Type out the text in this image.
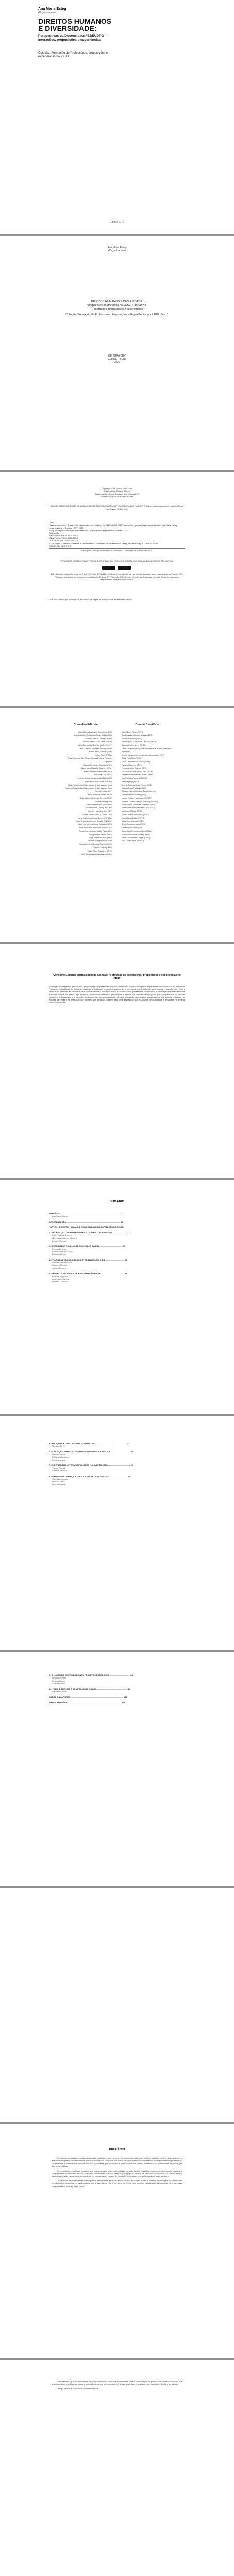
Ana Maria Esteg
(Organizadora)
DIREITOS HUMANOS
E DIVERSIDADE:
Perspectivas da Docência na FEBEUDPO — interações, proposições e experiências
Coleção: Formação de Professores: proposições e experiências no PIBID
Editora CRV
Ana Maria Esteg
(Organizadora)
DIREITOS HUMANOS E DIVERSIDADE:
perspectivas da docência na FEBEUDPO-PIBID
– interações, proposições e experiências
Coleção: Formação de Professores: Proposições e Experiências no PIBID - Vol. 1
EDITORA CRV
Curitiba – Brasil
2020
Copyright © da Editora CRV Ltda.
Editor-chefe: Railson Moura
Diagramação e Capa: Designers da Editora CRV
Revisão: Analista de Escrita e Artes
DADOS INTERNACIONAIS DE CATALOGAÇÃO NA PUBLICAÇÃO (CIP) CATALOGAÇÃO NA FONTE Bibliotecária responsável: Luzenira Alves dos Santos CRB9/1506
D598
Direitos humanos e diversidade: perspectivas da docência na FEBEUDPO-PIBID: interações, proposições e experiências / Ana Maria Esteg (organizadora) – Curitiba : CRV, 2020.
152 p. (Coleção: Formação de Professores: proposições e experiências no PIBID – v. 1)
Bibliografia
ISBN Digital 978-65-5578-000-0
ISBN Físico 978-65-5578-000-0
DOI 10.24824/978655578000.0
1. Educação 2. Direitos humanos 3. Diversidade 4. Formação de professores I. Esteg, Ana Maria org. II. Título III. Série.
CDU 37.014 CDD 370.7
Índice para catálogo sistemático 1. Educação – formação de professores 370.7
ESTA OBRA TAMBÉM ENCONTRA-SE DISPONÍVEL EM FORMATO DIGITAL. CONHEÇA E BAIXE NOSSO APLICATIVO!
2020 Foi feito o depósito legal conf. Lei 10.994 de 14/12/2004 Proibida a reprodução parcial ou total desta obra sem autorização da Editora CRV Todos os direitos desta edição reservados pela: Editora CRV Tel.: (41) 3039-6418 – E-mail: sac@editoracrv.com.br Conheça os nossos lançamentos: www.editoracrv.com.br
Este livro passou por avaliação e aprovação às cegas de dois ou mais pareceristas ad hoc.
Conselho Editorial:	Comitê Científico:
Aldira Guimarães Duarte Domínguez (UNB)
Andréia da Silva Quintanilha Sousa (UNIR/UFRN)
Anselmo Alencar Colares (UFOPA)
Antônio Pereira Gaio Júnior (UFRRJ)
Carlos Alberto Vilar Estêvão (UMINHO – PT)
Carlos Federico Dominguez Avila (Unieuro)
Carmen Tereza Velanga (UNIR)
Celso Conti (UFSCar)
Cesar Gerónimo Tello (Univer. Nacional Três de Febrero – Argentina)
Eduardo Fernandes Barbosa (UFMG)
Elione Maria Nogueira Diogenes (UFAL)
Elizeu Clementino de Souza (UNEB)
Élsio José Corá (UFFS)
Fernando Antônio Gonçalves Alcoforado (IPB)
Francisco Carlos Duarte (PUC-PR)
Gloria Fariñas León (Universidade de La Havana – Cuba)
Guillermo Arias Beatón (Universidade de La Havana – Cuba)
Helmuth Krüger (UCP)
Jailson Alves dos Santos (UFRJ)
João Adalberto Campato Junior (UNESP)
Josania Portela (UFPI)
Leonel Severo Rocha (UNISINOS)
Lídia de Oliveira Xavier (UNIEURO)
Lourdes Helena da Silva (UFV)
Marcelo Paixão (UFRJ e UTexas – US)
Maria Cristina dos Santos Bezerra (UFSCar)
Maria de Lourdes Pinto de Almeida (UNOESC)
Maria Lília Imbiriba Sousa Colares (UFOPA)
Paulo Romualdo Hernandes (UNIFAL-MG)
Renato Francisco dos Santos Paula (UFG)
Rodrigo Pratte-Santos (UFES)
Sérgio Nunes de Jesus (IFRO)
Simone Rodrigues Pinto (UNB)
Solange Helena Ximenes-Rocha (UFOPA)
Sydione Santos (UEPG)
Tadeu Oliver Gonçalves (UFPA)
Tania Suely Azevedo Brasileiro (UFOPA)
Altair Alberto Fávero (UPF)
Ana Chrystina Venancio Mignot (UERJ)
Andréia N. Militão (UEMS)
Anna Augusta Sampaio de Oliveira (UNESP)
Barbara Coelho Neves (UFBA)
Cesar Gerónimo Tello (Universidad Nacional de Três de Febrero – Argentina)
Diosnel Centurion (Univ Autónoma de Assunción – PY)
Eliane Rose Maio (UEM)
Elizeu Clementino de Souza (UNEB)
Fauston Negreiros (UFPI)
Francisco Ari de Andrade (UFC)
Gláucia Maria dos Santos Jorge (UFOP)
Helder Buenos Aires de Carvalho (UFPI)
Ilma Passos A. Veiga (UNICEUB)
Inês Bragança (UERJ)
José de Ribamar Sousa Pereira (UCB)
Jussara Fraga Portugal (UNEB)
Kilwangy Kya Kapitango-a-Samba (Unemat)
Lourdes Helena da Silva (UFV)
Marcos Vinicius Francisco (UNOESTE)
Maria de Lourdes Pinto de Almeida (UNOESC)
Maria Eurácia Barreto de Andrade (UFRB)
Maria Lurdes Pinto de Almeida (UNOESC)
Mohammed Elhajji (UFRJ)
Mônica Pereira dos Santos (UFRJ)
Najela Tavares Ujiie (UTFPR)
Nilson José Machado (USP)
Sérgio Nunes de Jesus (IFRO)
Silvia Regina Canan (URI)
Sonia Maria Ferreira Koehler (UNISAL)
Suzana dos Santos Gomes (UFMG)
Vânia Alves Martins Chaigar (FURG)
Vera Lucia Gaspar (UDESC)
Conselho Editorial Internacional da Coleção: “Formação de professores: proposições e experiências no PIBID”
A coleção “Formação de professores: proposições e experiências no PIBID” tem como objetivo divulgar as experiências desenvolvidas no âmbito do Programa Institucional de Bolsa de Iniciação à Docência, reunindo trabalhos de professores coordenadores, supervisores e licenciandos. Com a publicação, pretende-se contribuir para o debate sobre a formação inicial e continuada de professores, destacando a articulação entre universidade e escola básica. Os textos aqui reunidos apresentam reflexões, proposições e relatos de práticas pedagógicas que dialogam com os direitos humanos, a diversidade e a inclusão, temas centrais para a construção de uma educação democrática. Agradecemos aos autores e autoras, às escolas parceiras e às instituições de fomento que tornaram possível esta obra, esperando que ela inspire novas práticas e pesquisas na área da formação docente.
SUMÁRIO
PREFÁCIO ........................................................................................................ 11
Ana Maria Esteg
APRESENTAÇÃO ............................................................................................. 15
PARTE I – DIREITOS HUMANOS E DIVERSIDADE NA FORMAÇÃO DOCENTE
1. A FORMAÇÃO DE PROFESSORES E OS DIREITOS HUMANOS ....................... 21
Lucia Helena Bezerra
Marcos Antônio de Oliveira
Beatriz Mendes
2. DIVERSIDADE E INCLUSÃO NA ESCOLA BÁSICA ....................................... 35
Renata Almeida
Carlos Henrique Souza
Fernanda Lima
3. PRÁTICAS PEDAGÓGICAS E EXPERIÊNCIAS NO PIBID ................................ 47
Daniela Ribeiro Costa
Gustavo Martins
Juliana Ferreira
4. GÊNERO E SEXUALIDADE NA FORMAÇÃO INICIAL ....................................... 59
Patrícia Nogueira
André Luiz Santos
Roberta Cardoso
5. RELAÇÕES ÉTNICO-RACIAIS E CURRÍCULO ...................................................... 71
Mariana Pires
6. EDUCAÇÃO ESPECIAL E DIREITOS HUMANOS NA ESCOLA .................................. 83
Camila Rocha
Eduardo Pacheco
Simone Araújo
7. EXPERIÊNCIAS INTERDISCIPLINARES NO SUBPROJETO ...................................... 95
Thiago Barros
Luciana Teixeira
8. DIREITOS DA CRIANÇA E DO ADOLESCENTE NA ESCOLA ................................ 107
Vanessa Moreira
Rafael Cunha
Priscila Duarte
9. O LUGAR DA DIVERSIDADE NOS PROJETOS ESCOLARES .................................. 119
Bruno Azevedo
Helena Castro
Aline Monteiro
10. PIBID, DOCÊNCIA E COMPROMISSO SOCIAL .................................................. 131
Gabriela Santos
SOBRE OS AUTORES ........................................................................................... 143
ÍNDICE REMISSIVO ............................................................................................ 149
PREFÁCIO

Em tempos desafiadores para a educação brasileira, é com alegria que apresento esta obra, fruto do trabalho coletivo desenvolvido no âmbito do Programa Institucional de Bolsa de Iniciação à Docência. Os textos reunidos neste volume revelam o compromisso de professores, supervisores e licenciandos com uma formação docente que reconhece a centralidade dos direitos humanos e da diversidade na construção da escola pública.

As experiências relatadas mostram que a aproximação entre universidade e escola básica possibilita aos futuros professores vivenciar a complexidade do cotidiano escolar, refletindo criticamente sobre as práticas pedagógicas e sobre os sentidos da docência. Ao mesmo tempo, os professores da escola básica encontram no programa um espaço de formação continuada e de valorização de seus saberes.

Os capítulos abordam temas como gênero, sexualidade, relações étnico-raciais, educação especial, direitos da criança e do adolescente e projetos interdisciplinares, evidenciando que a diversidade não é um tema periférico, mas um eixo estruturante da formação de professores comprometidos com a justiça social.

Cabe ressaltar que a continuidade de programas como o PIBID é fundamental para a consolidação de políticas de formação docente que articulem teoria e prática, pesquisa e extensão, ensino e aprendizagem. A leitura deste livro é, portanto, um convite à reflexão e ao diálogo.

Desejo a todos e todas uma excelente leitura.
